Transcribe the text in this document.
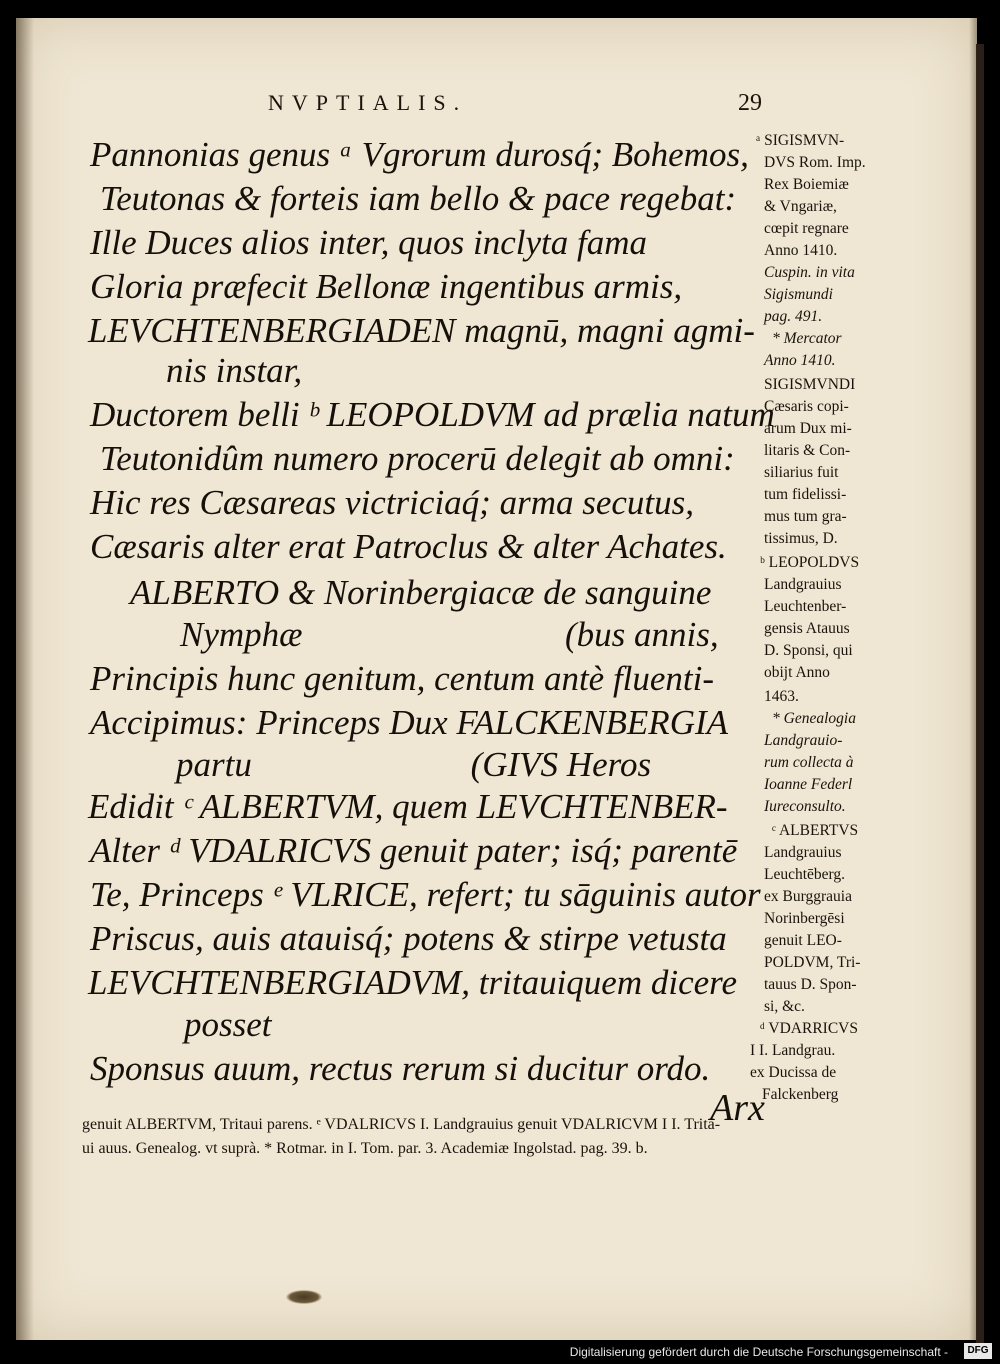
NVPTIALIS.	29
Pannonias genus ᵃ Vgrorum durosq́; Bohemos,
Teutonas & forteis iam bello & pace regebat:
Ille Duces alios inter, quos inclyta fama
Gloria præfecit Bellonæ ingentibus armis,
LEVCHTENBERGIADEN magnū, magni agmi-
nis instar,
Ductorem belli ᵇ LEOPOLDVM ad prælia natum
Teutonidûm numero procerū delegit ab omni:
Hic res Cæsareas victriciaq́; arma secutus,
Cæsaris alter erat Patroclus & alter Achates.
ALBERTO & Norinbergiacæ de sanguine
Nymphæ                              (bus annis,
Principis hunc genitum, centum antè fluenti-
Accipimus: Princeps Dux FALCKENBERGIA
partu                         (GIVS Heros
Edidit ᶜ ALBERTVM, quem LEVCHTENBER-
Alter ᵈ VDALRICVS genuit pater; isq́; parentē
Te, Princeps ᵉ VLRICE, refert; tu sāguinis autor
Priscus, auis atauisq́; potens & stirpe vetusta
LEVCHTENBERGIADVM, tritauiquem dicere
posset
Sponsus auum, rectus rerum si ducitur ordo.
ᵃ SIGISMVN-
DVS Rom. Imp.
Rex Boiemiæ
& Vngariæ,
cœpit regnare
Anno 1410.
Cuspin. in vita
Sigismundi
pag. 491.
* Mercator
Anno 1410.
SIGISMVNDI
Cæsaris copi-
arum Dux mi-
litaris & Con-
siliarius fuit
tum fidelissi-
mus tum gra-
tissimus, D.
ᵇ LEOPOLDVS
Landgrauius
Leuchtenber-
gensis Atauus
D. Sponsi, qui
obijt Anno
1463.
* Genealogia
Landgrauio-
rum collecta à
Ioanne Federl
Iureconsulto.
ᶜ ALBERTVS
Landgrauius
Leuchtēberg.
ex Burggrauia
Norinbergēsi
genuit LEO-
POLDVM, Tri-
tauus D. Spon-
si, &c.
ᵈ VDARRICVS
I I. Landgrau.
ex Ducissa de
Falckenberg
Arx
genuit ALBERTVM, Tritaui parens. ᵉ VDALRICVS I. Landgrauius genuit VDALRICVM I I. Trita-
ui auus. Genealog. vt suprà. * Rotmar. in I. Tom. par. 3. Academiæ Ingolstad. pag. 39. b.
Digitalisierung gefördert durch die Deutsche Forschungsgemeinschaft -	DFG
